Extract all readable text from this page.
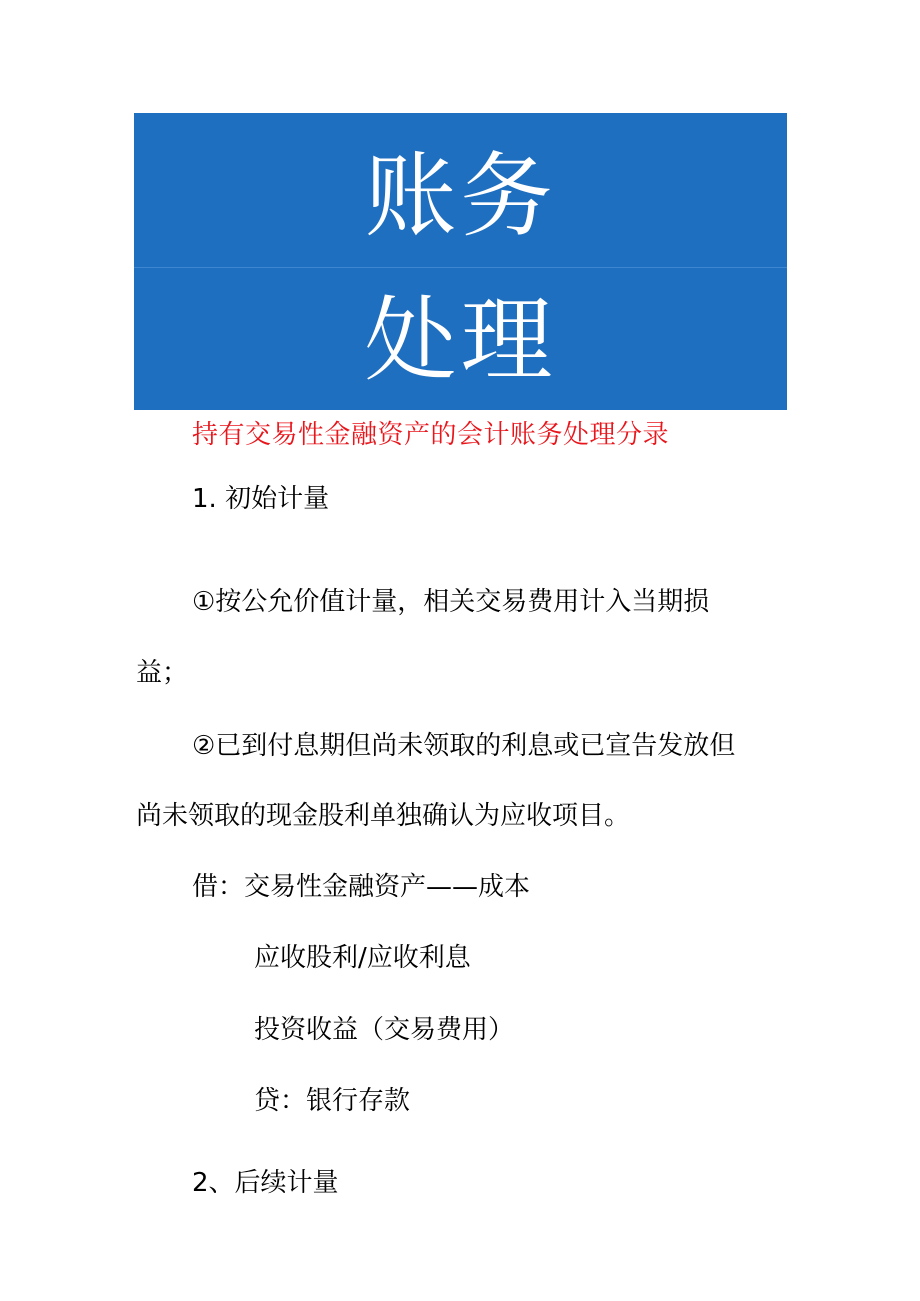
账务
处理
持有交易性金融资产的会计账务处理分录
1. 初始计量
①按公允价值计量，相关交易费用计入当期损
益；
②已到付息期但尚未领取的利息或已宣告发放但
尚未领取的现金股利单独确认为应收项目。
借：交易性金融资产——成本
应收股利/应收利息
投资收益（交易费用）
贷：银行存款
2、后续计量
